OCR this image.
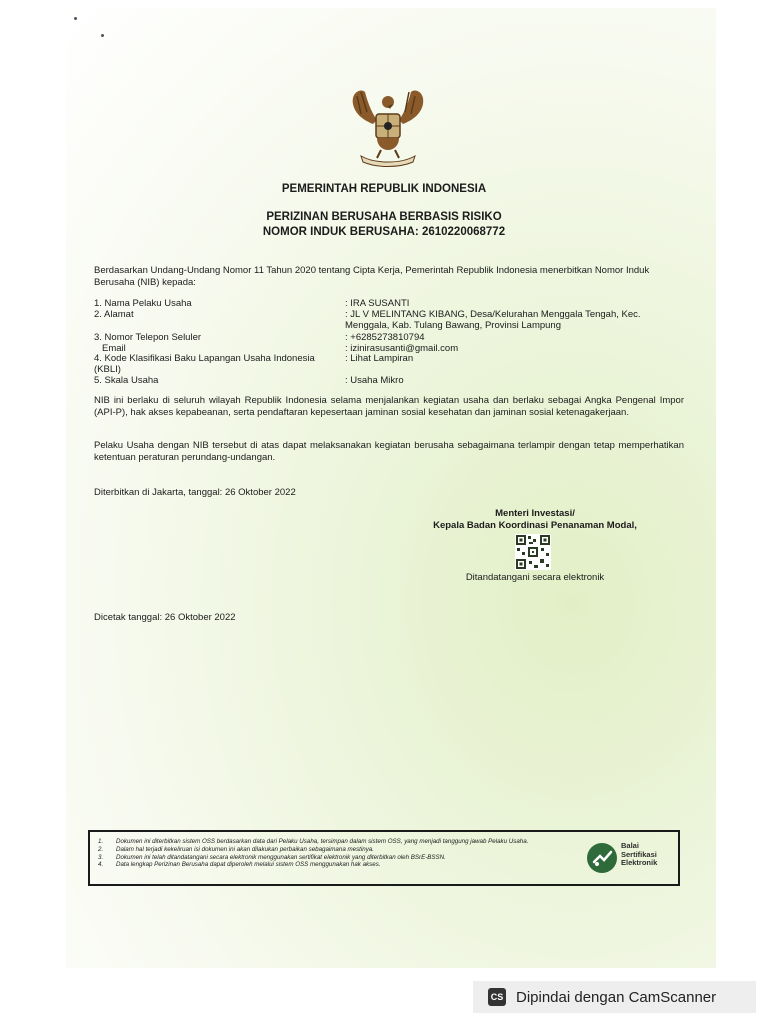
PEMERINTAH REPUBLIK INDONESIA
PERIZINAN BERUSAHA BERBASIS RISIKO
NOMOR INDUK BERUSAHA: 2610220068772
Berdasarkan Undang-Undang Nomor 11 Tahun 2020 tentang Cipta Kerja, Pemerintah Republik Indonesia menerbitkan Nomor Induk Berusaha (NIB) kepada:
1. Nama Pelaku Usaha	: IRA SUSANTI
2. Alamat	: JL V MELINTANG KIBANG, Desa/Kelurahan Menggala Tengah, Kec. Menggala, Kab. Tulang Bawang, Provinsi Lampung
3. Nomor Telepon Seluler	: +6285273810794
Email	: izinirasusanti@gmail.com
4. Kode Klasifikasi Baku Lapangan Usaha Indonesia (KBLI)
: Lihat Lampiran
5. Skala Usaha	: Usaha Mikro
NIB ini berlaku di seluruh wilayah Republik Indonesia selama menjalankan kegiatan usaha dan berlaku sebagai Angka Pengenal Impor (API-P), hak akses kepabeanan, serta pendaftaran kepesertaan jaminan sosial kesehatan dan jaminan sosial ketenagakerjaan.
Pelaku Usaha dengan NIB tersebut di atas dapat melaksanakan kegiatan berusaha sebagaimana terlampir dengan tetap memperhatikan ketentuan peraturan perundang-undangan.
Diterbitkan di Jakarta, tanggal: 26 Oktober 2022
Menteri Investasi/
Kepala Badan Koordinasi Penanaman Modal,
Ditandatangani secara elektronik
Dicetak tanggal: 26 Oktober 2022
1.	Dokumen ini diterbitkan sistem OSS berdasarkan data dari Pelaku Usaha, tersimpan dalam sistem OSS, yang menjadi tanggung jawab Pelaku Usaha.
2.	Dalam hal terjadi kekeliruan isi dokumen ini akan dilakukan perbaikan sebagaimana mestinya.
3.	Dokumen ini telah ditandatangani secara elektronik menggunakan sertifikat elektronik yang diterbitkan oleh BSrE-BSSN.
4.	Data lengkap Perizinan Berusaha dapat diperoleh melalui sistem OSS menggunakan hak akses.
Balai
Sertifikasi
Elektronik
CS Dipindai dengan CamScanner
